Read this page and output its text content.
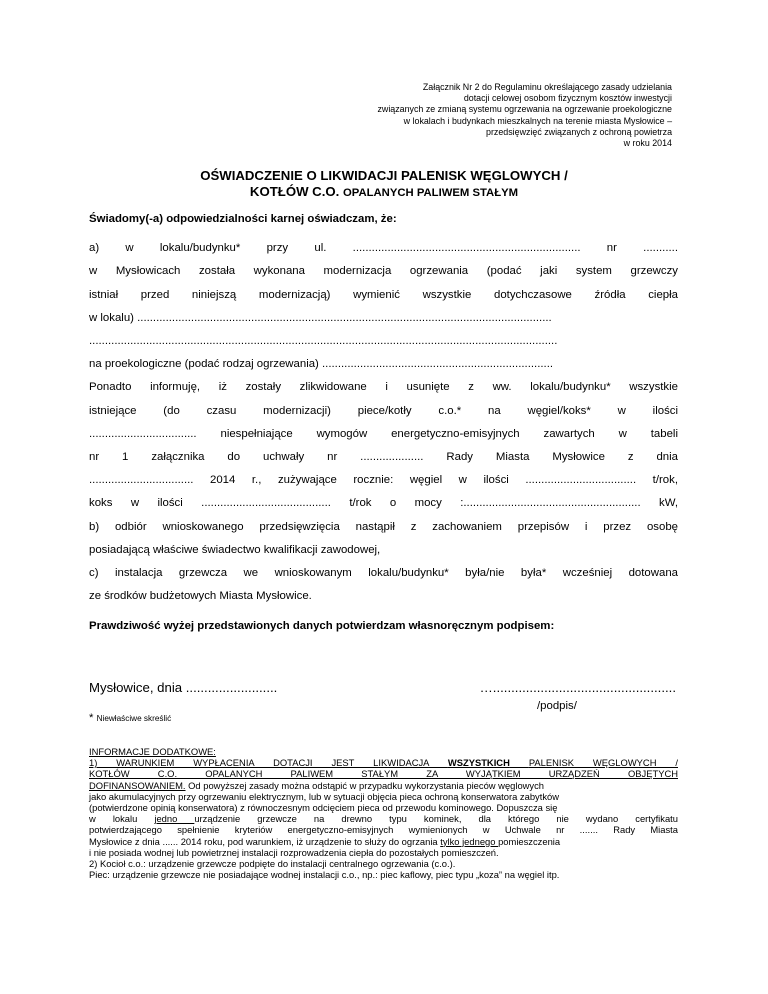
Załącznik Nr 2 do Regulaminu określającego zasady udzielania
dotacji celowej osobom fizycznym kosztów inwestycji
związanych ze zmianą systemu ogrzewania na ogrzewanie proekologiczne
w lokalach i budynkach mieszkalnych na terenie miasta Mysłowice –
przedsięwzięć związanych z ochroną powietrza
w roku 2014
OŚWIADCZENIE O LIKWIDACJI PALENISK WĘGLOWYCH /
KOTŁÓW C.O. OPALANYCH PALIWEM STAŁYM
Świadomy(-a) odpowiedzialności karnej oświadczam, że:
a) w lokalu/budynku* przy ul. ........................................................................ nr ...........
w Mysłowicach została wykonana modernizacja ogrzewania (podać jaki system grzewczy
istniał przed niniejszą modernizacją) wymienić wszystkie dotychczasowe źródła ciepła
w lokalu) ...................................................................................................................................
....................................................................................................................................................
na proekologiczne (podać rodzaj ogrzewania) .........................................................................
Ponadto informuję, iż zostały zlikwidowane i usunięte z ww. lokalu/budynku* wszystkie
istniejące (do czasu modernizacji) piece/kotły c.o.* na węgiel/koks* w ilości
.................................. niespełniające wymogów energetyczno-emisyjnych zawartych w tabeli
nr 1 załącznika do uchwały nr .................... Rady Miasta Mysłowice z dnia
................................. 2014 r., zużywające rocznie: węgiel w ilości ................................... t/rok,
koks w ilości ......................................... t/rok o mocy :........................................................ kW,
b) odbiór wnioskowanego przedsięwzięcia nastąpił z zachowaniem przepisów i przez osobę
posiadającą właściwe świadectwo kwalifikacji zawodowej,
c) instalacja grzewcza we wnioskowanym lokalu/budynku* była/nie była* wcześniej dotowana
ze środków budżetowych Miasta Mysłowice.
Prawdziwość wyżej przedstawionych danych potwierdzam własnoręcznym podpisem:
Mysłowice, dnia .........................	…..................................................
/podpis/
* Niewłaściwe skreślić
INFORMACJE DODATKOWE:
1) WARUNKIEM WYPŁACENIA DOTACJI JEST LIKWIDACJA WSZYSTKICH PALENISK WĘGLOWYCH /
KOTŁÓW C.O. OPALANYCH PALIWEM STAŁYM ZA WYJĄTKIEM URZĄDZEŃ OBJĘTYCH
DOFINANSOWANIEM. Od powyższej zasady można odstąpić w przypadku wykorzystania pieców węglowych
jako akumulacyjnych przy ogrzewaniu elektrycznym, lub w sytuacji objęcia pieca ochroną konserwatora zabytków
(potwierdzone opinią konserwatora) z równoczesnym odcięciem pieca od przewodu kominowego. Dopuszcza się
w lokalu jedno urządzenie grzewcze na drewno typu kominek, dla którego nie wydano certyfikatu
potwierdzającego spełnienie kryteriów energetyczno-emisyjnych wymienionych w Uchwale nr ....... Rady Miasta
Mysłowice z dnia ...... 2014 roku, pod warunkiem, iż urządzenie to służy do ogrzania tylko jednego pomieszczenia
i nie posiada wodnej lub powietrznej instalacji rozprowadzenia ciepła do pozostałych pomieszczeń.
2) Kocioł c.o.: urządzenie grzewcze podpięte do instalacji centralnego ogrzewania (c.o.).
Piec: urządzenie grzewcze nie posiadające wodnej instalacji c.o., np.: piec kaflowy, piec typu „koza” na węgiel itp.
